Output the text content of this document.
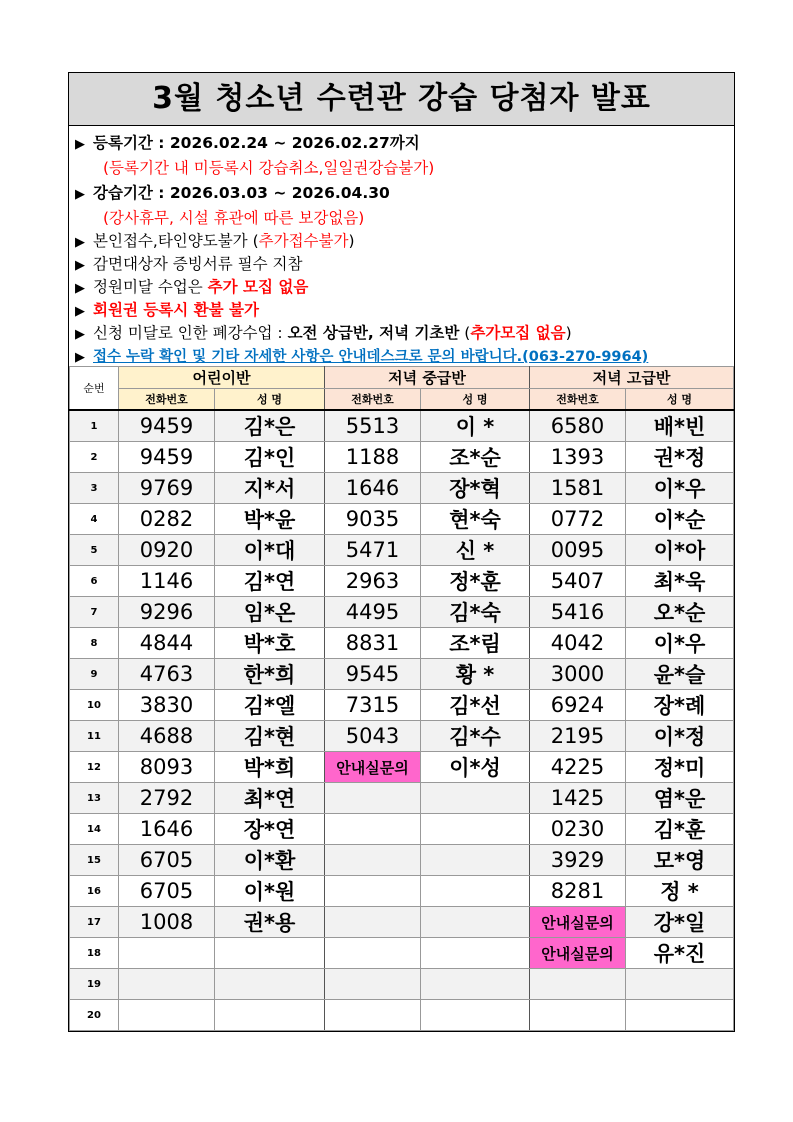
3월 청소년 수련관 강습 당첨자 발표
▶ 등록기간 : 2026.02.24 ~ 2026.02.27까지
(등록기간 내 미등록시 강습취소,일일권강습불가)
▶ 강습기간 : 2026.03.03 ~ 2026.04.30
(강사휴무, 시설 휴관에 따른 보강없음)
▶ 본인접수,타인양도불가 (추가접수불가)
▶ 감면대상자 증빙서류 필수 지참
▶ 정원미달 수업은 추가 모집 없음
▶ 회원권 등록시 환불 불가
▶ 신청 미달로 인한 폐강수업 : 오전 상급반, 저녁 기초반 (추가모집 없음)
▶ 접수 누락 확인 및 기타 자세한 사항은 안내데스크로 문의 바랍니다.(063-270-9964)
순번	어린이반	저녁 중급반	저녁 고급반
전화번호	성 명	전화번호	성 명	전화번호	성 명
1	9459	김*은	5513	이 *	6580	배*빈
2	9459	김*인	1188	조*순	1393	권*정
3	9769	지*서	1646	장*혁	1581	이*우
4	0282	박*윤	9035	현*숙	0772	이*순
5	0920	이*대	5471	신 *	0095	이*아
6	1146	김*연	2963	정*훈	5407	최*욱
7	9296	임*온	4495	김*숙	5416	오*순
8	4844	박*호	8831	조*림	4042	이*우
9	4763	한*희	9545	황 *	3000	윤*슬
10	3830	김*엘	7315	김*선	6924	장*례
11	4688	김*현	5043	김*수	2195	이*정
12	8093	박*희	안내실문의	이*성	4225	정*미
13	2792	최*연			1425	염*운
14	1646	장*연			0230	김*훈
15	6705	이*환			3929	모*영
16	6705	이*원			8281	정 *
17	1008	권*용			안내실문의	강*일
18					안내실문의	유*진
19						
20						
